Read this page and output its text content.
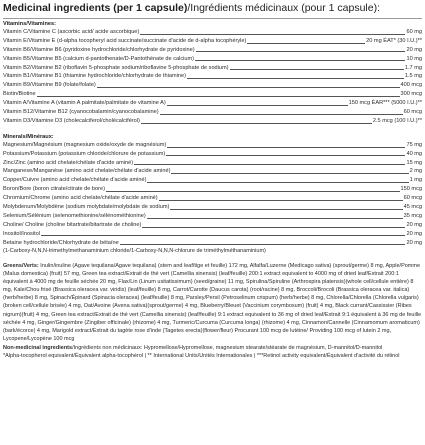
Medicinal ingredients (per 1 capsule)/Ingrédients médicinaux (pour 1 capsule):
Vitamins/Vitamines:
Vitamin C/Vitamine C (ascorbic acid/ acide ascorbique)	60 mg
Vitamin E/Vitamine E (d-alpha tocopheryl acid succinate/succinate d'acide de d-alpha tocophéryle)	20 mg ÉAT* (30 I.U.)**
Vitamin B6/Vitamine B6 (pyridoxine hydrochloride/chlorhydrate de pyridoxine)	20 mg
Vitamin B5/Vitamine B5 (calcium d-pantothenate/D-Pantothénate de calcium)	10 mg
Vitamin B2/Vitamine B2 (riboflavin 5-phosphate sodium/riboflavine 5-phosphate de sodium)	1.7 mg
Vitamin B1/Vitamine B1 (thiamine hydrochloride/chlorhydrate de thiamine)	1.5 mg
Vitamin B9/Vitamine B9 (folate/folate)	400 mcg
Biotin/Biotine	300 mcg
Vitamin A/Vitamine A (vitamin A palmitate/palmitate de vitamine A)	150 mcg ÉAR*** (5000 I.U.)**
Vitamin B12/Vitamine B12 (cyanocobalamin/cyanocobalamine)	60 mcg
Vitamin D3/Vitamine D3 (cholecalciferol/cholécalciférol)	2.5 mcg (100 I.U.)**
Minerals/Minéraux:
Magnesium/Magnésium (magnesium oxide/oxyde de magnésium)	75 mg
Potassium/Potassium (potassium chloride/chlorure de potassium)	40 mg
Zinc/Zinc (amino acid chelate/chélate d'acide aminé)	15 mg
Manganese/Manganèse (amino acid chelate/chélate d'acide aminé)	2 mg
Copper/Cuivre (amino acid chelate/chélate d'acide aminé)	1 mg
Boron/Bore (boron citrate/citrate de bore)	150 mcg
Chromium/Chrome (amino acid chelate/chélate d'acide aminé)	60 mcg
Molybdenum/Molybdène (sodium molybdate/molybdate de sodium)	45 mcg
Selenium/Sélénium (selenomethionine/sélénométhionine)	35 mcg
Choline/ Choline (choline bitartrate/bitartrate de choline)	20 mg
Inositol/Inositol	20 mg
Betaine hydrochloride/Chlorhydrate de bétaïne	20 mg
(1-Carboxy-N,N,N-trimethylmethanaminium chloride/1-Carboxy-N,N,N-chlorure de triméthylméthanaminium)
Greens/Verts: Inulin/inuline (Agave tequilana/Agave tequilana) (stem and leaf/tige et feuille) 172 mg, Alfalfa/Luzerne (Medicago sativa) (sprout/germe) 8 mg, Apple/Pomme (Malus domestica) (fruit) 57 mg, Green tea extract/Extrait de thé vert (Camellia sinensis) (leaf/feuille) 200:1 extract equivalent to 4000 mg of dried leaf/Extrait 200:1 équivalent à 4000 mg de feuille séchée 20 mg, Flax/Lin (Linum usitatissimum) (seed/graine) 11 mg, Spirulina/Spiruline (Arthrospira platensis)(whole cell/cellule entière) 8 mg, Kale/Chou frisé (Brassica oleracea var. viridis) (leaf/feuille) 8 mg, Carrot/Carotte (Daucus carota) (root/racine) 8 mg, Broccoli/Brocoli (Brassica oleracea var. italica) (herb/herbe) 8 mg, Spinach/Épinard (Spinacia oleracea) (leaf/feuille) 8 mg, Parsley/Persil (Petroselinum crispum) (herb/herbe) 8 mg, Chlorella/Chlorella (Chlorella vulgaris) (broken cell/cellule brisée) 4 mg, Oat/Avoine (Avena sativa)(sprout/germe) 4 mg, Blueberry/Bleuet (Vaccinium corymbosum) (fruit) 4 mg, Black currant/Cassissier (Ribes nigrum)(fruit) 4 mg, Green tea extract/Extrait de thé vert (Camellia sinensis) (leaf/feuille) 9:1 extract equivalent to 36 mg of dried leaf/Extrait 9:1 équivalent à 36 mg de feuille séchée 4 mg, Ginger/Gingembre (Zingiber officinale) (rhizome) 4 mg, Turmeric/Curcuma (Curcuma longa) (rhizome) 4 mg, Cinnamon/Cannelle (Cinnamomum aromaticum) (bark/écorce) 4 mg, Marigold extract/Extrait du tagète rose d'inde (Tagetes erecta)(flower/fleur) Procurant 100 mcg de lutéine/ Providing 100 mcg of lutein 2 mg, Lycopene/Lycopène 100 mcg
Non-medicinal ingredients/Ingrédients non médicinaux: Hypromellose/Hypromellose, magnesium stearate/stéarate de magnésium, D-mannitol/D-mannitol
*Alpha-tocopherol equivalent/Équivalent alpha-tocophérol | ** International Units/Unités Internationales | ***Retinol activity equivalent/Équivalent d'activité du rétinol
